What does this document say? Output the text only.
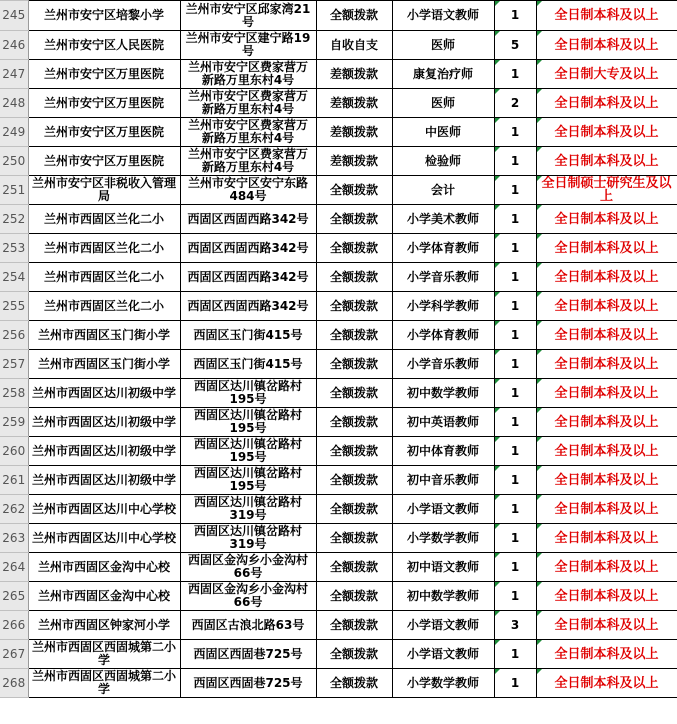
245	兰州市安宁区培黎小学	兰州市安宁区邱家湾21号	全额拨款	小学语文教师	1	全日制本科及以上
246	兰州市安宁区人民医院	兰州市安宁区建宁路19号	自收自支	医师	5	全日制本科及以上
247	兰州市安宁区万里医院	兰州市安宁区费家营万新路万里东村4号	差额拨款	康复治疗师	1	全日制大专及以上
248	兰州市安宁区万里医院	兰州市安宁区费家营万新路万里东村4号	差额拨款	医师	2	全日制本科及以上
249	兰州市安宁区万里医院	兰州市安宁区费家营万新路万里东村4号	差额拨款	中医师	1	全日制本科及以上
250	兰州市安宁区万里医院	兰州市安宁区费家营万新路万里东村4号	差额拨款	检验师	1	全日制本科及以上
251	兰州市安宁区非税收入管理局	兰州市安宁区安宁东路484号	全额拨款	会计	1	全日制硕士研究生及以上
252	兰州市西固区兰化二小	西固区西固西路342号	全额拨款	小学美术教师	1	全日制本科及以上
253	兰州市西固区兰化二小	西固区西固西路342号	全额拨款	小学体育教师	1	全日制本科及以上
254	兰州市西固区兰化二小	西固区西固西路342号	全额拨款	小学音乐教师	1	全日制本科及以上
255	兰州市西固区兰化二小	西固区西固西路342号	全额拨款	小学科学教师	1	全日制本科及以上
256	兰州市西固区玉门街小学	西固区玉门街415号	全额拨款	小学体育教师	1	全日制本科及以上
257	兰州市西固区玉门街小学	西固区玉门街415号	全额拨款	小学音乐教师	1	全日制本科及以上
258	兰州市西固区达川初级中学	西固区达川镇岔路村195号	全额拨款	初中数学教师	1	全日制本科及以上
259	兰州市西固区达川初级中学	西固区达川镇岔路村195号	全额拨款	初中英语教师	1	全日制本科及以上
260	兰州市西固区达川初级中学	西固区达川镇岔路村195号	全额拨款	初中体育教师	1	全日制本科及以上
261	兰州市西固区达川初级中学	西固区达川镇岔路村195号	全额拨款	初中音乐教师	1	全日制本科及以上
262	兰州市西固区达川中心学校	西固区达川镇岔路村319号	全额拨款	小学语文教师	1	全日制本科及以上
263	兰州市西固区达川中心学校	西固区达川镇岔路村319号	全额拨款	小学数学教师	1	全日制本科及以上
264	兰州市西固区金沟中心校	西固区金沟乡小金沟村66号	全额拨款	初中语文教师	1	全日制本科及以上
265	兰州市西固区金沟中心校	西固区金沟乡小金沟村66号	全额拨款	初中数学教师	1	全日制本科及以上
266	兰州市西固区钟家河小学	西固区古浪北路63号	全额拨款	小学语文教师	3	全日制本科及以上
267	兰州市西固区西固城第二小学	西固区西固巷725号	全额拨款	小学语文教师	1	全日制本科及以上
268	兰州市西固区西固城第二小学	西固区西固巷725号	全额拨款	小学数学教师	1	全日制本科及以上
